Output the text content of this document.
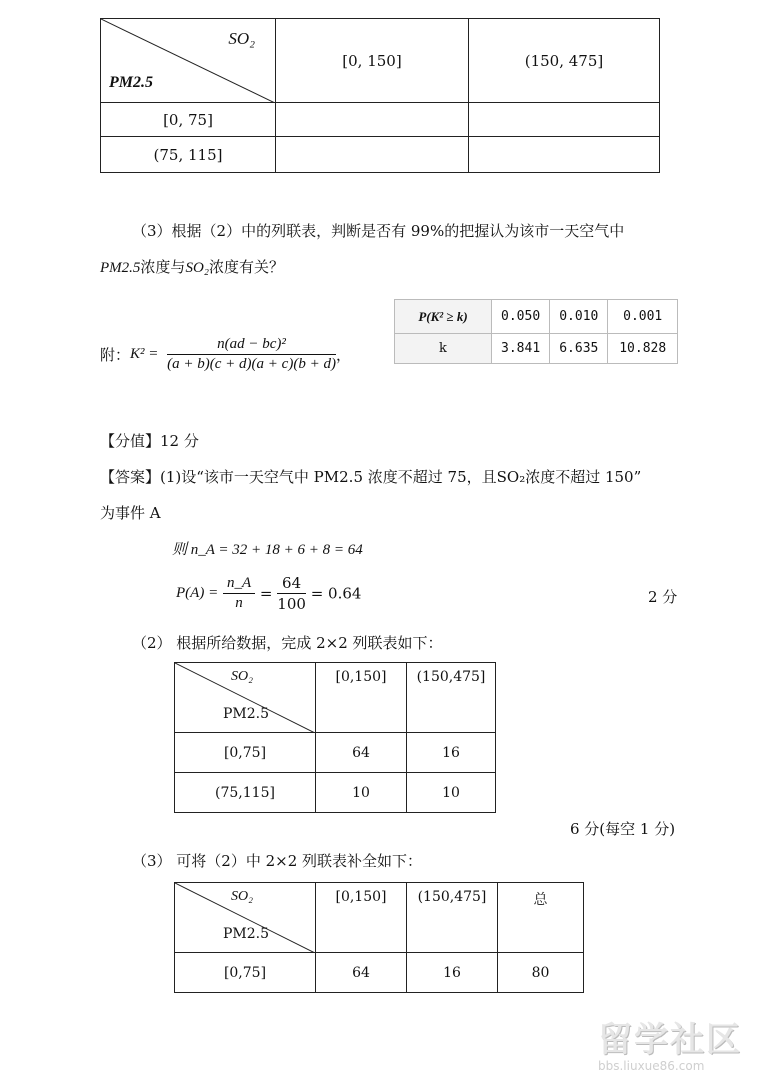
SO₂
PM2.5	[0, 150]	(150, 475]
[0, 75]		
(75, 115]		
（3）根据（2）中的列联表，判断是否有 99%的把握认为该市一天空气中
PM2.5浓度与SO₂浓度有关？
附：$K^2 = \frac{\text{n(ad − bc)²}}{(a + b)(c + d)(a + c)(b + d)}$ ，
P(K² ≥ k)	0.050	0.010	0.001
k	3.841	6.635	10.828
【分值】12 分
【答案】(1)设“该市一天空气中 PM2.5 浓度不超过 75，且SO₂浓度不超过 150”
为事件 A
则 n_A = 32 + 18 + 6 + 8 = 64
$P(A) = \frac{n\_A}{n} = \frac{64}{100} = 0.64$	2 分
（2） 根据所给数据，完成 2×2 列联表如下：
SO₂
PM2.5	[0,150]	(150,475]
[0,75]	64	16
(75,115]	10	10
6 分(每空 1 分)
（3） 可将（2）中 2×2 列联表补全如下：
SO₂
PM2.5	[0,150]	(150,475]	总
[0,75]	64	16	80
留学社区
bbs.liuxue86.com
